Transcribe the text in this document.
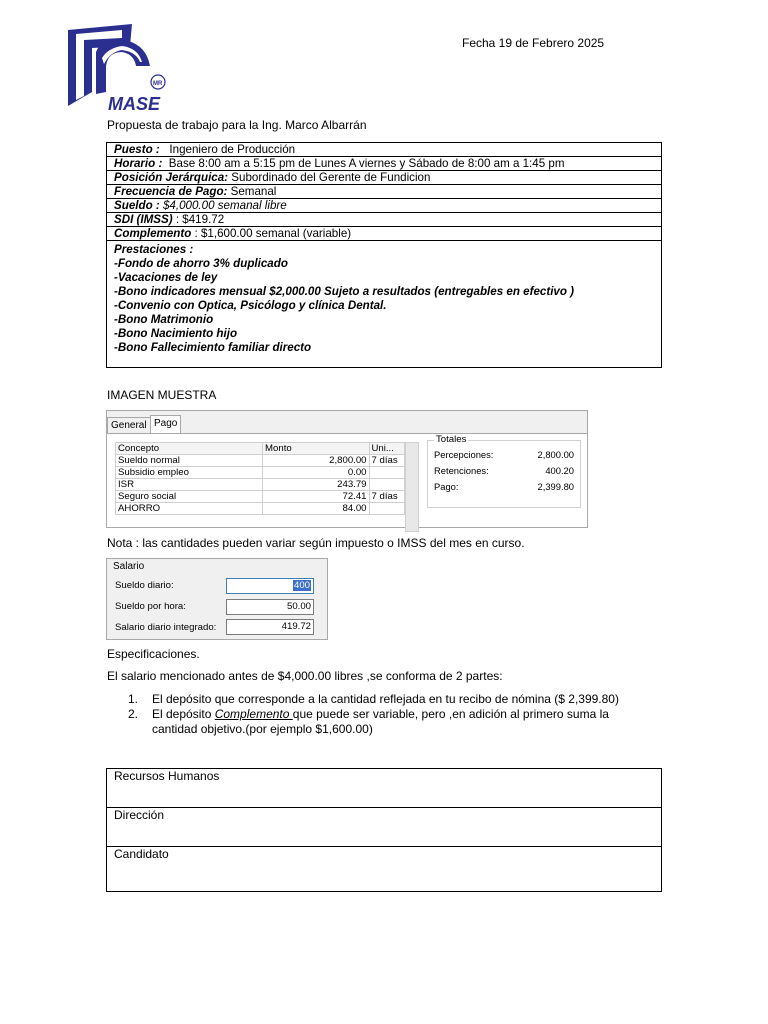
MR
MASE
Fecha 19 de Febrero 2025
Propuesta de trabajo para la Ing. Marco Albarrán
Puesto : Ingeniero de Producción
Horario : Base 8:00 am a 5:15 pm de Lunes A viernes y Sábado de 8:00 am a 1:45 pm
Posición Jerárquica: Subordinado del Gerente de Fundicion
Frecuencia de Pago: Semanal
Sueldo : $4,000.00 semanal libre
SDI (IMSS) : $419.72
Complemento : $1,600.00 semanal (variable)
Prestaciones :
-Fondo de ahorro 3% duplicado
-Vacaciones de ley
-Bono indicadores mensual $2,000.00 Sujeto a resultados (entregables en efectivo )
-Convenio con Optica, Psicólogo y clínica Dental.
-Bono Matrimonio
-Bono Nacimiento hijo
-Bono Fallecimiento familiar directo
IMAGEN MUESTRA
General Pago
Concepto	Monto	Uni...
Sueldo normal	2,800.00	7 días
Subsidio empleo	0.00	
ISR	243.79	
Seguro social	72.41	7 días
AHORRO	84.00	
Totales
Percepciones:	2,800.00
Retenciones:	400.20
Pago:	2,399.80
Nota : las cantidades pueden variar según impuesto o IMSS del mes en curso.
Salario
Sueldo diario:	400
Sueldo por hora:	50.00
Salario diario integrado:	419.72
Especificaciones.
El salario mencionado antes de $4,000.00 libres ,se conforma de 2 partes:
1. El depósito que corresponde a la cantidad reflejada en tu recibo de nómina ($ 2,399.80)
2. El depósito Complemento que puede ser variable, pero ,en adición al primero suma la
cantidad objetivo.(por ejemplo $1,600.00)
Recursos Humanos
Dirección
Candidato
